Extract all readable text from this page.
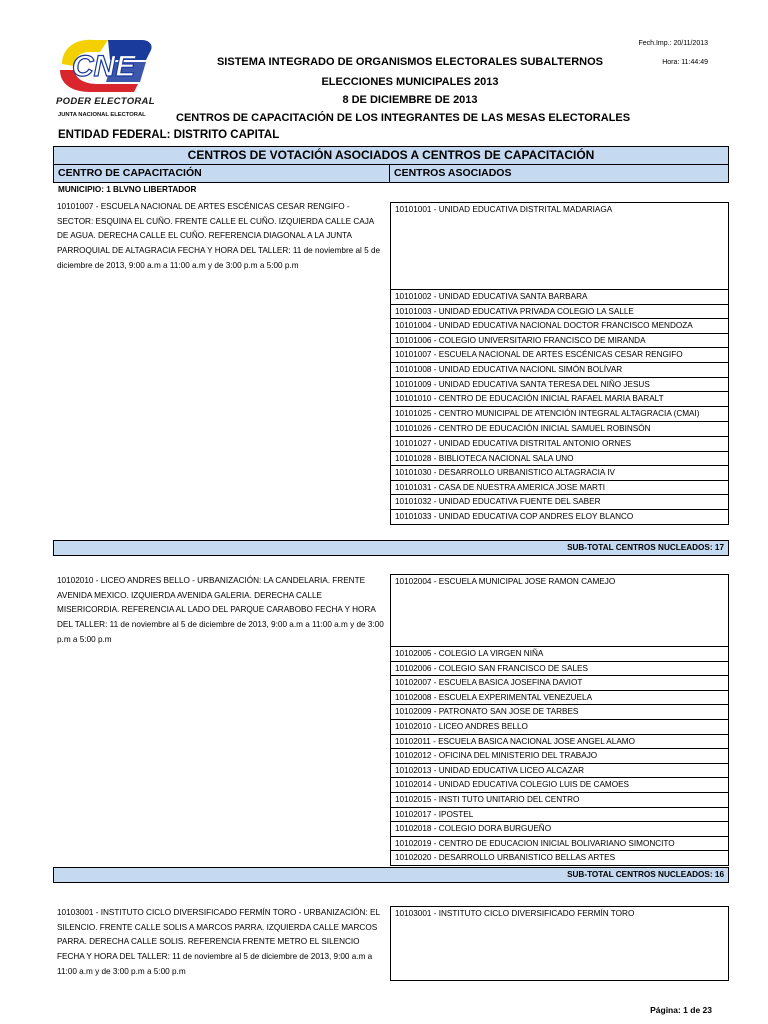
CNE
PODER ELECTORAL
JUNTA NACIONAL ELECTORAL
Fech.Imp.: 20/11/2013
Hora: 11:44:49
SISTEMA INTEGRADO DE ORGANISMOS ELECTORALES SUBALTERNOS
ELECCIONES MUNICIPALES 2013
8 DE DICIEMBRE DE 2013
CENTROS DE CAPACITACIÓN DE LOS INTEGRANTES DE LAS MESAS ELECTORALES
ENTIDAD FEDERAL: DISTRITO CAPITAL
CENTROS DE VOTACIÓN ASOCIADOS A CENTROS DE CAPACITACIÓN
CENTRO DE CAPACITACIÓN	CENTROS ASOCIADOS
MUNICIPIO: 1 BLVNO LIBERTADOR
10101007 - ESCUELA NACIONAL DE ARTES ESCÉNICAS CESAR RENGIFO - SECTOR: ESQUINA EL CUÑO. FRENTE CALLE EL CUÑO. IZQUIERDA CALLE CAJA DE AGUA. DERECHA CALLE EL CUÑO. REFERENCIA DIAGONAL A LA JUNTA PARROQUIAL DE ALTAGRACIA FECHA Y HORA DEL TALLER: 11 de noviembre al 5 de diciembre de 2013, 9:00 a.m a 11:00 a.m y de 3:00 p.m a 5:00 p.m
10101001 - UNIDAD EDUCATIVA DISTRITAL MADARIAGA
10101002 - UNIDAD EDUCATIVA SANTA BARBARA
10101003 - UNIDAD EDUCATIVA PRIVADA COLEGIO LA SALLE
10101004 - UNIDAD EDUCATIVA NACIONAL DOCTOR FRANCISCO MENDOZA
10101006 - COLEGIO UNIVERSITARIO FRANCISCO DE MIRANDA
10101007 - ESCUELA NACIONAL DE ARTES ESCÉNICAS CESAR RENGIFO
10101008 - UNIDAD EDUCATIVA NACIONL SIMÓN BOLÍVAR
10101009 - UNIDAD EDUCATIVA SANTA TERESA DEL NIÑO JESUS
10101010 - CENTRO DE EDUCACIÓN INICIAL RAFAEL MARIA BARALT
10101025 - CENTRO MUNICIPAL DE ATENCIÓN INTEGRAL ALTAGRACIA (CMAI)
10101026 - CENTRO DE EDUCACIÓN INICIAL SAMUEL ROBINSÓN
10101027 - UNIDAD EDUCATIVA DISTRITAL ANTONIO ORNES
10101028 - BIBLIOTECA NACIONAL SALA UNO
10101030 - DESARROLLO URBANISTICO ALTAGRACIA IV
10101031 - CASA DE NUESTRA AMERICA JOSE MARTI
10101032 - UNIDAD EDUCATIVA FUENTE DEL SABER
10101033 - UNIDAD EDUCATIVA COP ANDRES ELOY BLANCO
SUB-TOTAL CENTROS NUCLEADOS: 17
10102010 - LICEO ANDRES BELLO - URBANIZACIÓN: LA CANDELARIA. FRENTE AVENIDA MEXICO. IZQUIERDA AVENIDA GALERIA. DERECHA CALLE MISERICORDIA. REFERENCIA AL LADO DEL PARQUE CARABOBO FECHA Y HORA DEL TALLER: 11 de noviembre al 5 de diciembre de 2013, 9:00 a.m a 11:00 a.m y de 3:00 p.m a 5:00 p.m
10102004 - ESCUELA MUNICIPAL JOSE RAMON CAMEJO
10102005 - COLEGIO LA VIRGEN NIÑA
10102006 - COLEGIO SAN FRANCISCO DE SALES
10102007 - ESCUELA BASICA JOSEFINA DAVIOT
10102008 - ESCUELA EXPERIMENTAL VENEZUELA
10102009 - PATRONATO SAN JOSE DE TARBES
10102010 - LICEO ANDRES BELLO
10102011 - ESCUELA BASICA NACIONAL JOSE ANGEL ALAMO
10102012 - OFICINA DEL MINISTERIO DEL TRABAJO
10102013 - UNIDAD EDUCATIVA LICEO ALCAZAR
10102014 - UNIDAD EDUCATIVA COLEGIO LUIS DE CAMOES
10102015 - INSTI TUTO UNITARIO DEL CENTRO
10102017 - IPOSTEL
10102018 - COLEGIO DORA BURGUEÑO
10102019 - CENTRO DE EDUCACION INICIAL BOLIVARIANO SIMONCITO
10102020 - DESARROLLO URBANISTICO BELLAS ARTES
SUB-TOTAL CENTROS NUCLEADOS: 16
10103001 - INSTITUTO CICLO DIVERSIFICADO FERMÍN TORO - URBANIZACIÓN: EL SILENCIO. FRENTE CALLE SOLIS A MARCOS PARRA. IZQUIERDA CALLE MARCOS PARRA. DERECHA CALLE SOLIS. REFERENCIA FRENTE METRO EL SILENCIO FECHA Y HORA DEL TALLER: 11 de noviembre al 5 de diciembre de 2013, 9:00 a.m a 11:00 a.m y de 3:00 p.m a 5:00 p.m
10103001 - INSTITUTO CICLO DIVERSIFICADO FERMÍN TORO
Página: 1 de 23
